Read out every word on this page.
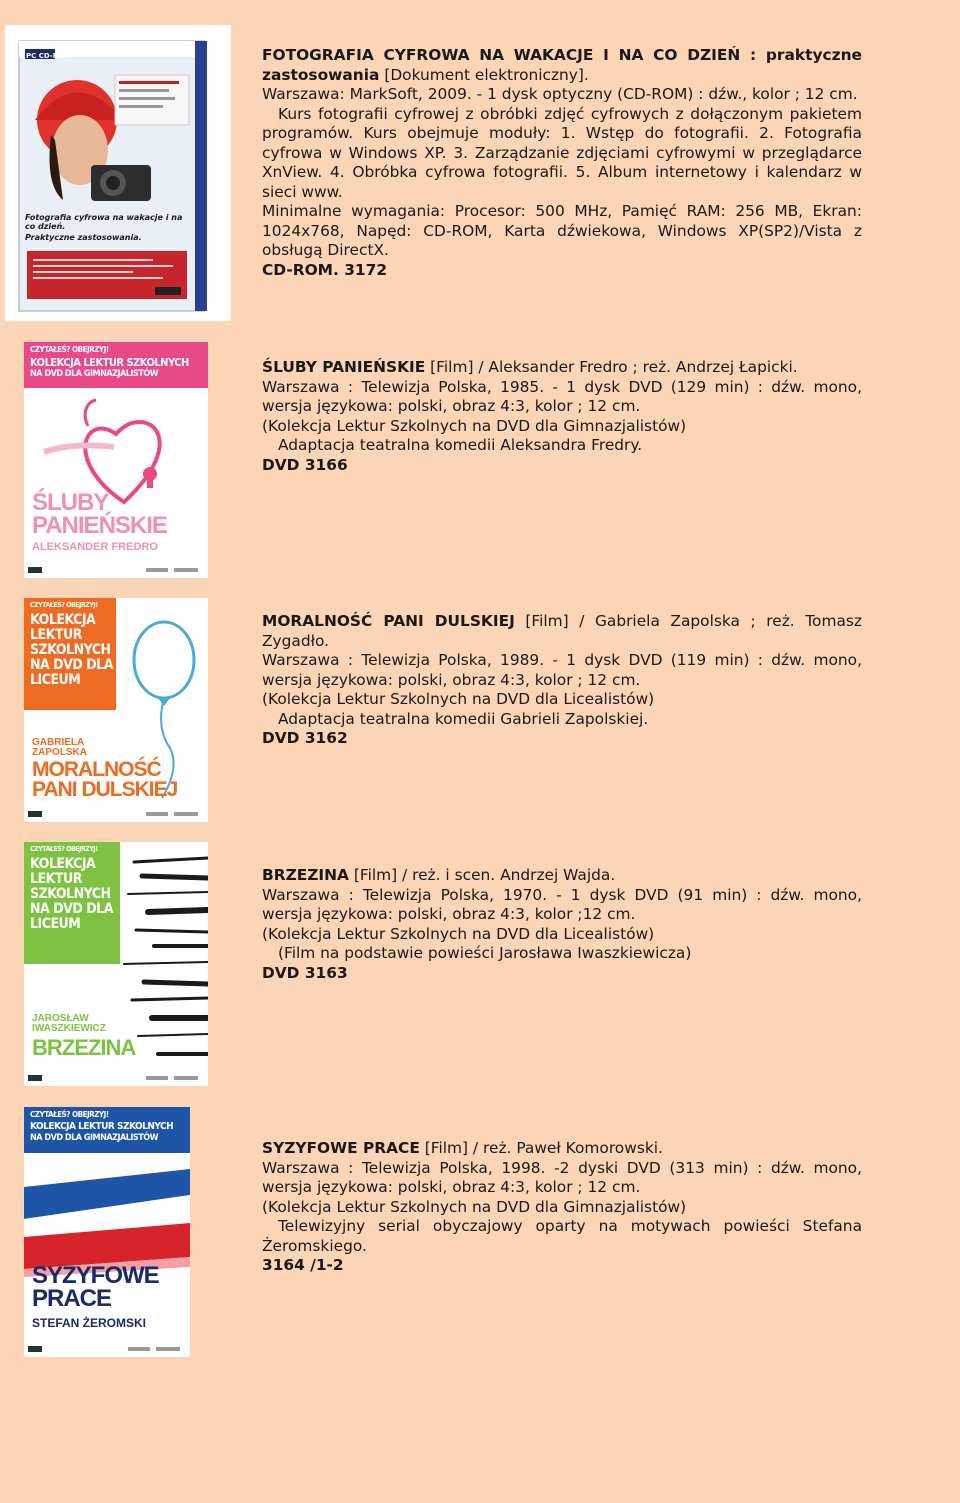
PC CD-ROM
Fotografia cyfrowa na wakacje i na co dzień.
Praktyczne zastosowania.

FOTOGRAFIA CYFROWA NA WAKACJE I NA CO DZIEŃ : praktyczne zastosowania [Dokument elektroniczny].

Warszawa: MarkSoft, 2009. - 1 dysk optyczny (CD-ROM) : dźw., kolor ; 12 cm.

Kurs fotografii cyfrowej z obróbki zdjęć cyfrowych z dołączonym pakietem programów. Kurs obejmuje moduły: 1. Wstęp do fotografii. 2. Fotografia cyfrowa w Windows XP. 3. Zarządzanie zdjęciami cyfrowymi w przeglądarce XnView. 4. Obróbka cyfrowa fotografii. 5. Album internetowy i kalendarz w sieci www.

Minimalne wymagania: Procesor: 500 MHz, Pamięć RAM: 256 MB, Ekran: 1024x768, Napęd: CD-ROM, Karta dźwiekowa, Windows XP(SP2)/Vista z obsługą DirectX.

CD-ROM. 3172

CZYTAŁEŚ? OBEJRZYJ!
KOLEKCJA LEKTUR SZKOLNYCH
NA DVD DLA GIMNAZJALISTÓW
ŚLUBY
PANIEŃSKIE
ALEKSANDER FREDRO

ŚLUBY PANIEŃSKIE [Film] / Aleksander Fredro ; reż. Andrzej Łapicki.

Warszawa : Telewizja Polska, 1985. - 1 dysk DVD (129 min) : dźw. mono, wersja językowa: polski, obraz 4:3, kolor ; 12 cm.

(Kolekcja Lektur Szkolnych na DVD dla Gimnazjalistów)

Adaptacja teatralna komedii Aleksandra Fredry.

DVD 3166

CZYTAŁEŚ? OBEJRZYJ!
KOLEKCJA LEKTUR SZKOLNYCH NA DVD DLA LICEUM
GABRIELA
ZAPOLSKA
MORALNOŚĆ
PANI DULSKIEJ

MORALNOŚĆ PANI DULSKIEJ [Film] / Gabriela Zapolska ; reż. Tomasz Zygadło.

Warszawa : Telewizja Polska, 1989. - 1 dysk DVD (119 min) : dźw. mono, wersja językowa: polski, obraz 4:3, kolor ; 12 cm.

(Kolekcja Lektur Szkolnych na DVD dla Licealistów)

Adaptacja teatralna komedii Gabrieli Zapolskiej.

DVD 3162

CZYTAŁEŚ? OBEJRZYJ!
KOLEKCJA LEKTUR SZKOLNYCH NA DVD DLA LICEUM
JAROSŁAW
IWASZKIEWICZ
BRZEZINA

BRZEZINA [Film] / reż. i scen. Andrzej Wajda.

Warszawa : Telewizja Polska, 1970. - 1 dysk DVD (91 min) : dźw. mono, wersja językowa: polski, obraz 4:3, kolor ;12 cm.

(Kolekcja Lektur Szkolnych na DVD dla Licealistów)

(Film na podstawie powieści Jarosława Iwaszkiewicza)

DVD 3163

CZYTAŁEŚ? OBEJRZYJ!
KOLEKCJA LEKTUR SZKOLNYCH
NA DVD DLA GIMNAZJALISTÓW
SYZYFOWE
PRACE
STEFAN ŻEROMSKI

SYZYFOWE PRACE [Film] / reż. Paweł Komorowski.

Warszawa : Telewizja Polska, 1998. -2 dyski DVD (313 min) : dźw. mono, wersja językowa: polski, obraz 4:3, kolor ; 12 cm.

(Kolekcja Lektur Szkolnych na DVD dla Gimnazjalistów)

Telewizyjny serial obyczajowy oparty na motywach powieści Stefana Żeromskiego.

3164 /1-2
